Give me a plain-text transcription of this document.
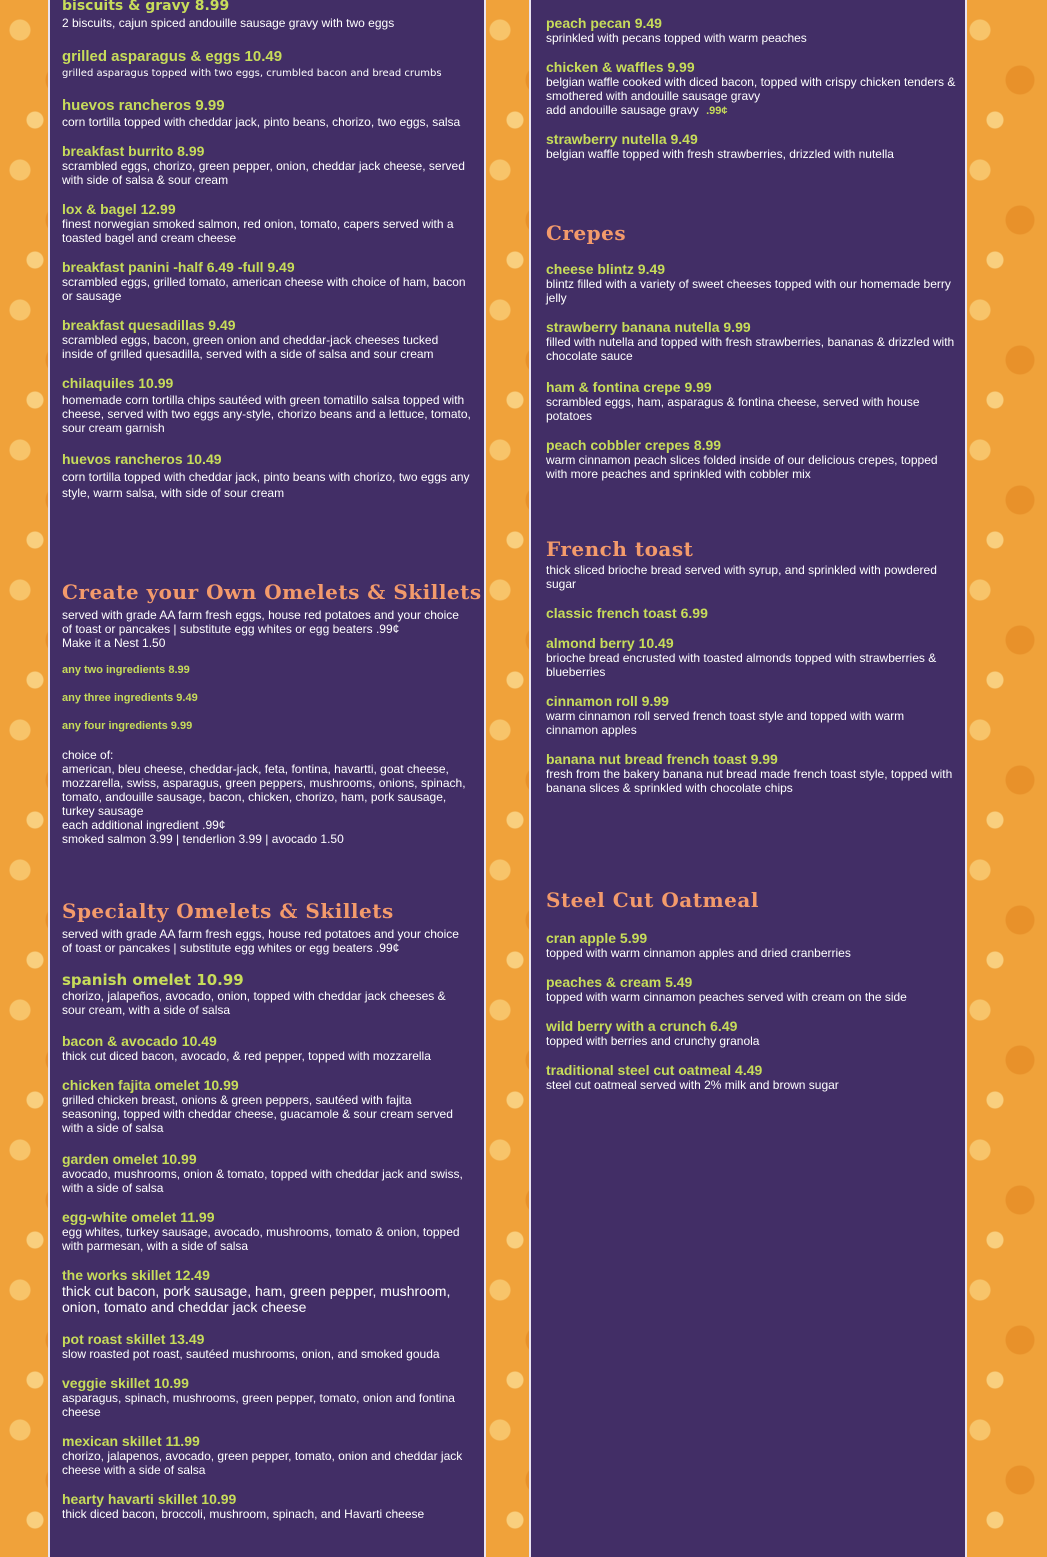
biscuits & gravy 8.99
2 biscuits, cajun spiced andouille sausage gravy with two eggs
grilled asparagus & eggs 10.49
grilled asparagus topped with two eggs, crumbled bacon and bread crumbs
huevos rancheros 9.99
corn tortilla topped with cheddar jack, pinto beans, chorizo, two eggs, salsa
breakfast burrito 8.99
scrambled eggs, chorizo, green pepper, onion, cheddar jack cheese, served with side of salsa & sour cream
lox & bagel 12.99
finest norwegian smoked salmon, red onion, tomato, capers served with a toasted bagel and cream cheese
breakfast panini -half 6.49 -full 9.49
scrambled eggs, grilled tomato, american cheese with choice of ham, bacon or sausage
breakfast quesadillas 9.49
scrambled eggs, bacon, green onion and cheddar-jack cheeses tucked inside of grilled quesadilla, served with a side of salsa and sour cream
chilaquiles 10.99
homemade corn tortilla chips sautéed with green tomatillo salsa topped with cheese, served with two eggs any-style, chorizo beans and a lettuce, tomato, sour cream garnish
huevos rancheros 10.49
corn tortilla topped with cheddar jack, pinto beans with chorizo, two eggs any style, warm salsa, with side of sour cream
Create your Own Omelets & Skillets
served with grade AA farm fresh eggs, house red potatoes and your choice of toast or pancakes | substitute egg whites or egg beaters .99¢
Make it a Nest 1.50
any two ingredients 8.99
any three ingredients 9.49
any four ingredients 9.99
choice of:
american, bleu cheese, cheddar-jack, feta, fontina, havartti, goat cheese, mozzarella, swiss, asparagus, green peppers, mushrooms, onions, spinach, tomato, andouille sausage, bacon, chicken, chorizo, ham, pork sausage, turkey sausage
each additional ingredient .99¢
smoked salmon 3.99 | tenderlion 3.99 | avocado 1.50
Specialty Omelets & Skillets
served with grade AA farm fresh eggs, house red potatoes and your choice of toast or pancakes | substitute egg whites or egg beaters .99¢
spanish omelet 10.99
chorizo, jalapeños, avocado, onion, topped with cheddar jack cheeses & sour cream, with a side of salsa
bacon & avocado 10.49
thick cut diced bacon, avocado, & red pepper, topped with mozzarella
chicken fajita omelet 10.99
grilled chicken breast, onions & green peppers, sautéed with fajita seasoning, topped with cheddar cheese, guacamole & sour cream served with a side of salsa
garden omelet 10.99
avocado, mushrooms, onion & tomato, topped with cheddar jack and swiss, with a side of salsa
egg-white omelet 11.99
egg whites, turkey sausage, avocado, mushrooms, tomato & onion, topped with parmesan, with a side of salsa
the works skillet 12.49
thick cut bacon, pork sausage, ham, green pepper, mushroom, onion, tomato and cheddar jack cheese
pot roast skillet 13.49
slow roasted pot roast, sautéed mushrooms, onion, and smoked gouda
veggie skillet 10.99
asparagus, spinach, mushrooms, green pepper, tomato, onion and fontina cheese
mexican skillet 11.99
chorizo, jalapenos, avocado, green pepper, tomato, onion and cheddar jack cheese with a side of salsa
hearty havarti skillet 10.99
thick diced bacon, broccoli, mushroom, spinach, and Havarti cheese
peach pecan 9.49
sprinkled with pecans topped with warm peaches
chicken & waffles 9.99
belgian waffle cooked with diced bacon, topped with crispy chicken tenders & smothered with andouille sausage gravy
add andouille sausage gravy .99¢
strawberry nutella 9.49
belgian waffle topped with fresh strawberries, drizzled with nutella
Crepes
cheese blintz 9.49
blintz filled with a variety of sweet cheeses topped with our homemade berry jelly
strawberry banana nutella 9.99
filled with nutella and topped with fresh strawberries, bananas & drizzled with chocolate sauce
ham & fontina crepe 9.99
scrambled eggs, ham, asparagus & fontina cheese, served with house potatoes
peach cobbler crepes 8.99
warm cinnamon peach slices folded inside of our delicious crepes, topped with more peaches and sprinkled with cobbler mix
French toast
thick sliced brioche bread served with syrup, and sprinkled with powdered sugar
classic french toast 6.99
almond berry 10.49
brioche bread encrusted with toasted almonds topped with strawberries & blueberries
cinnamon roll 9.99
warm cinnamon roll served french toast style and topped with warm cinnamon apples
banana nut bread french toast 9.99
fresh from the bakery banana nut bread made french toast style, topped with banana slices & sprinkled with chocolate chips
Steel Cut Oatmeal
cran apple 5.99
topped with warm cinnamon apples and dried cranberries
peaches & cream 5.49
topped with warm cinnamon peaches served with cream on the side
wild berry with a crunch 6.49
topped with berries and crunchy granola
traditional steel cut oatmeal 4.49
steel cut oatmeal served with 2% milk and brown sugar
